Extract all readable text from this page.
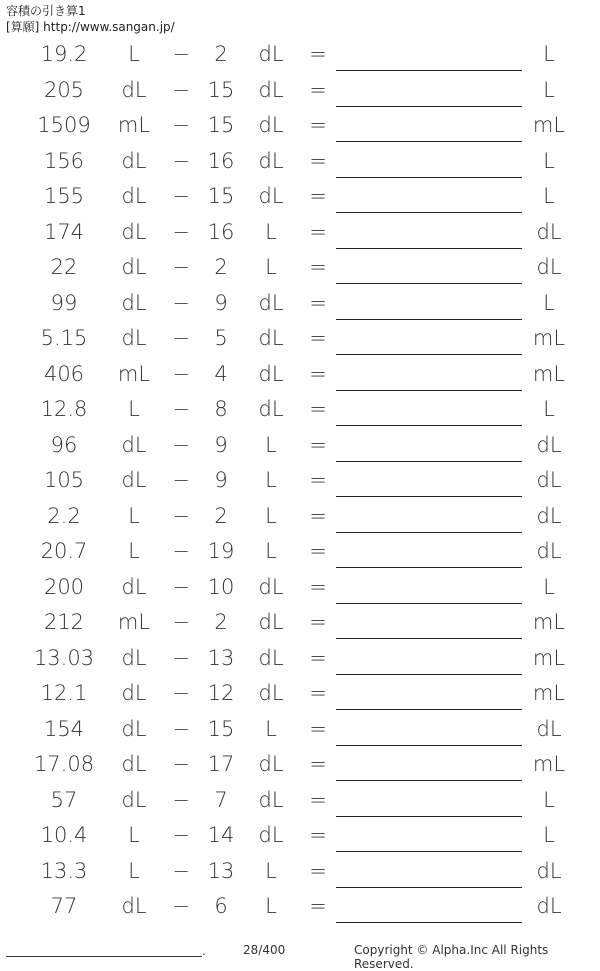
容積の引き算1
[算願] http://www.sangan.jp/
19.2	L	−	2	dL	=	L
205	dL	− 15	dL	=	L
1509	mL	− 15	dL	=	mL
156	dL	− 16	dL	=	L
155	dL	− 15	dL	=	L
174	dL	− 16	L	=	dL
22	dL	−	2	L	=	dL
99	dL	−	9	dL	=	L
5.15	dL	−	5	dL	=	mL
406	mL	−	4	dL	=	mL
12.8	L	−	8	dL	=	L
96	dL	−	9	L	=	dL
105	dL	−	9	L	=	dL
2.2	L	−	2	L	=	dL
20.7	L	− 19	L	=	dL
200	dL	− 10	dL	=	L
212	mL	−	2	dL	=	mL
13.03	dL	− 13	dL	=	mL
12.1	dL	− 12	dL	=	mL
154	dL	− 15	L	=	dL
17.08	dL	− 17	dL	=	mL
57	dL	−	7	dL	=	L
10.4	L	− 14	dL	=	L
13.3	L	− 13	L	=	dL
77	dL	−	6	L	=	dL
.	28/400	Copyright © Alpha.Inc All Rights Reserved.
